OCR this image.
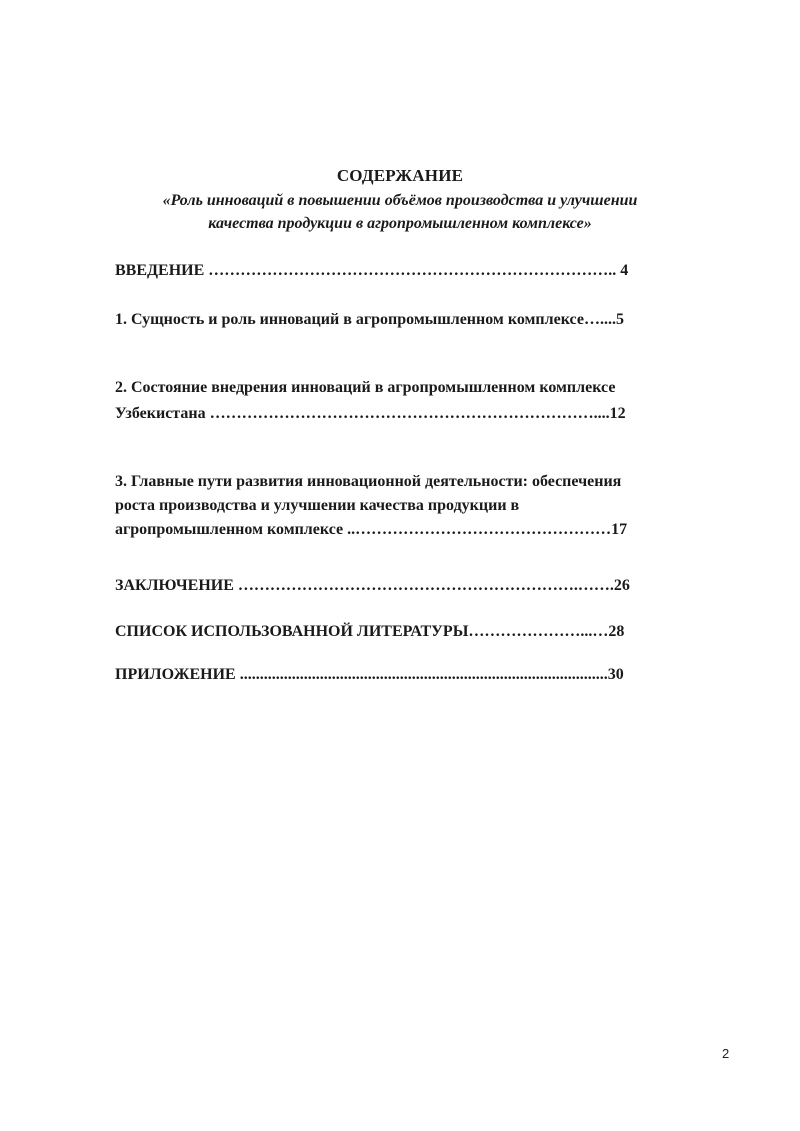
СОДЕРЖАНИЕ
«Роль инноваций в повышении объёмов производства и улучшении
качества продукции в агропромышленном комплексе»
ВВЕДЕНИЕ ………………………………………………………………….. 4
1. Сущность и роль инноваций в агропромышленном комплексе…....5
2. Состояние внедрения инноваций в агропромышленном комплексе
Узбекистана ………………………………………………………………....12
3. Главные пути развития инновационной деятельности: обеспечения
роста производства и улучшении качества продукции в
агропромышленном комплексе ..…………………………………………17
ЗАКЛЮЧЕНИЕ ……………………………………………………….…….26
СПИСОК ИСПОЛЬЗОВАННОЙ ЛИТЕРАТУРЫ…………………...…28
ПРИЛОЖЕНИЕ ............................................................................................30
2
